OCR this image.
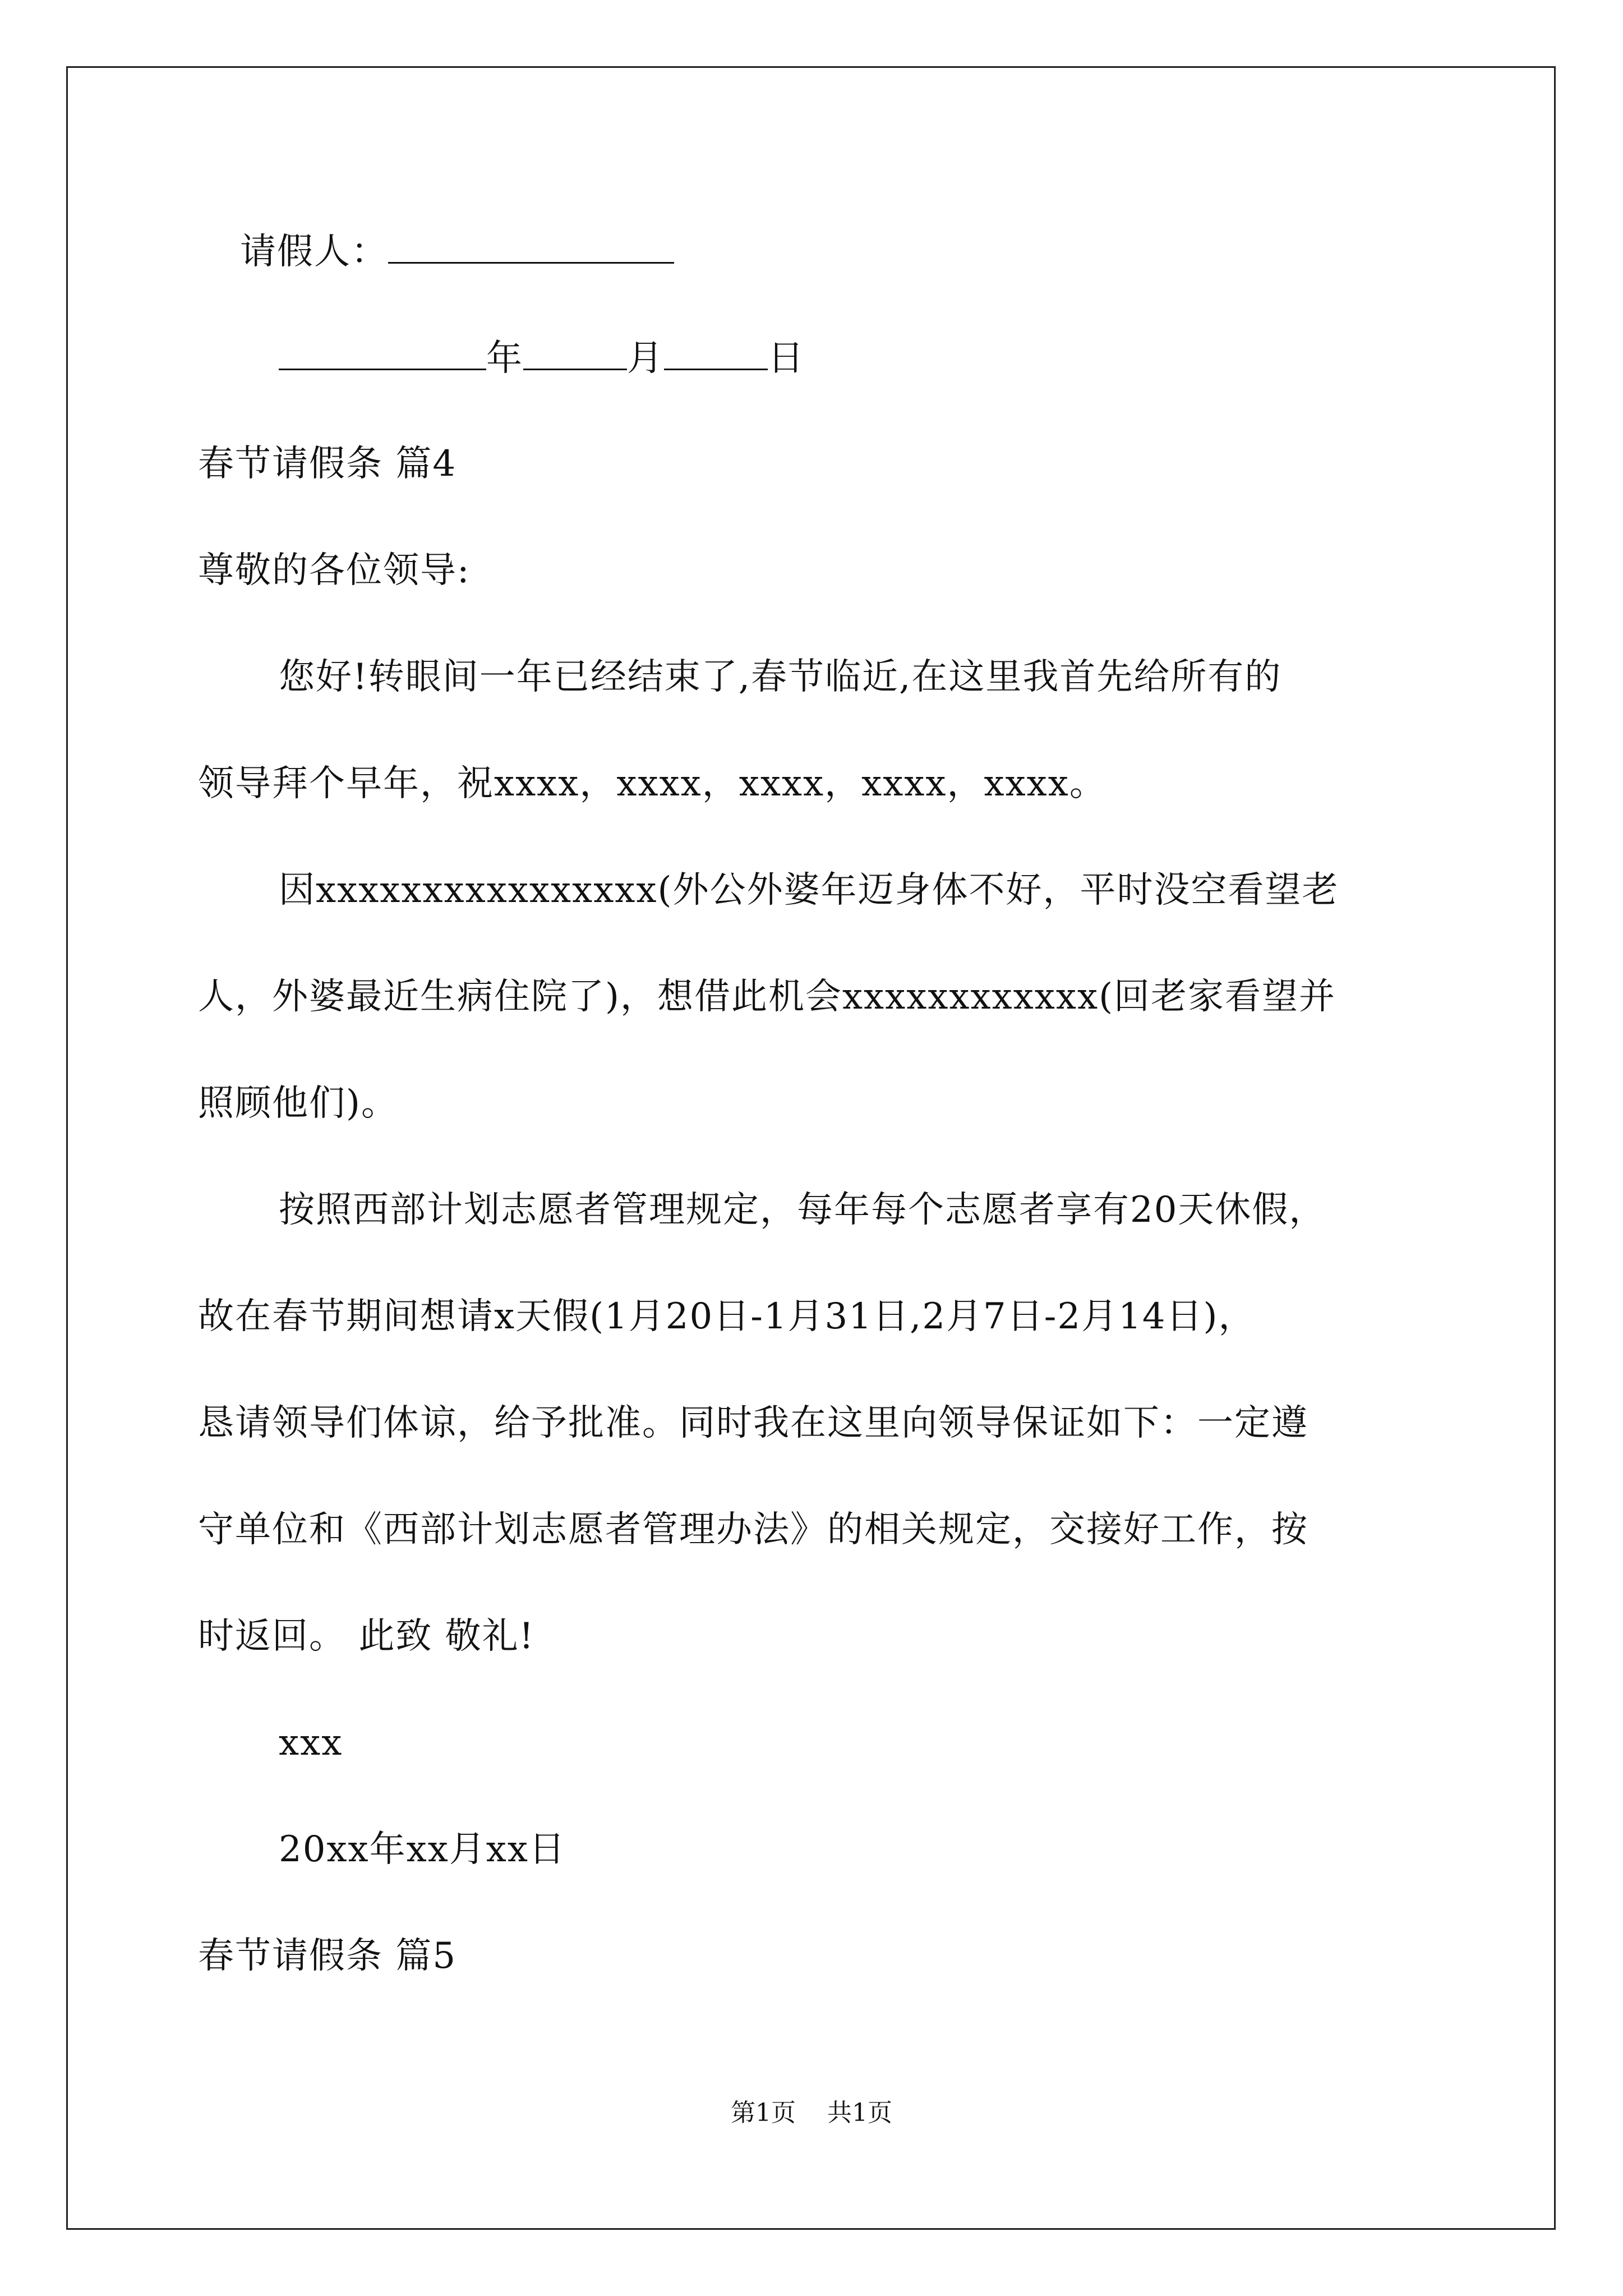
请假人：
年	月	日
春节请假条 篇4
尊敬的各位领导:
您好!转眼间一年已经结束了,春节临近,在这里我首先给所有的
领导拜个早年，祝xxxx，xxxx，xxxx，xxxx，xxxx。
因xxxxxxxxxxxxxxxx(外公外婆年迈身体不好，平时没空看望老
人，外婆最近生病住院了)，想借此机会xxxxxxxxxxxx(回老家看望并
照顾他们)。
按照西部计划志愿者管理规定，每年每个志愿者享有20天休假，
故在春节期间想请x天假(1月20日-1月31日,2月7日-2月14日)，
恳请领导们体谅，给予批准。同时我在这里向领导保证如下：一定遵
守单位和《西部计划志愿者管理办法》的相关规定，交接好工作，按
时返回。 此致 敬礼!
xxx
20xx年xx月xx日
春节请假条 篇5
第1页 共1页
